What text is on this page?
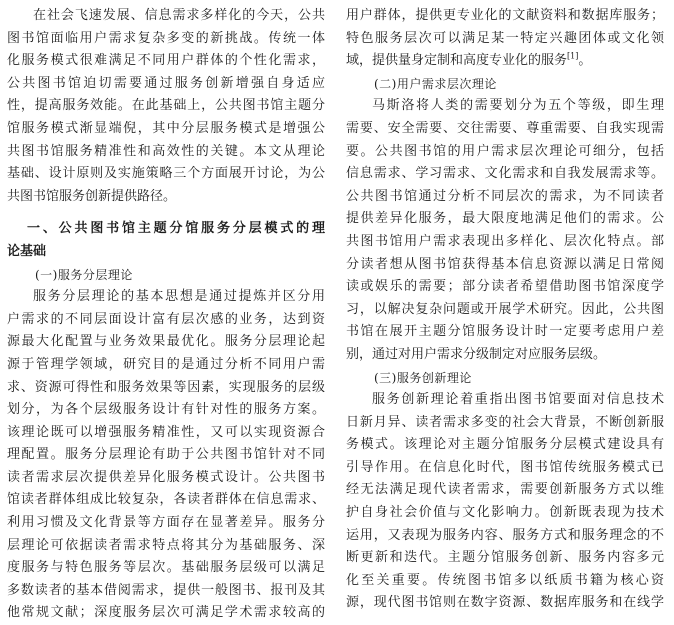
在社会飞速发展、信息需求多样化的今天，公共
图书馆面临用户需求复杂多变的新挑战。传统一体
化服务模式很难满足不同用户群体的个性化需求，
公共图书馆迫切需要通过服务创新增强自身适应
性，提高服务效能。在此基础上，公共图书馆主题分
馆服务模式渐显端倪，其中分层服务模式是增强公
共图书馆服务精准性和高效性的关键。本文从理论
基础、设计原则及实施策略三个方面展开讨论，为公
共图书馆服务创新提供路径。
一、公共图书馆主题分馆服务分层模式的理
论基础
(一)服务分层理论
服务分层理论的基本思想是通过提炼并区分用
户需求的不同层面设计富有层次感的业务，达到资
源最大化配置与业务效果最优化。服务分层理论起
源于管理学领域，研究目的是通过分析不同用户需
求、资源可得性和服务效果等因素，实现服务的层级
划分，为各个层级服务设计有针对性的服务方案。
该理论既可以增强服务精准性，又可以实现资源合
理配置。服务分层理论有助于公共图书馆针对不同
读者需求层次提供差异化服务模式设计。公共图书
馆读者群体组成比较复杂，各读者群体在信息需求、
利用习惯及文化背景等方面存在显著差异。服务分
层理论可依据读者需求特点将其分为基础服务、深
度服务与特色服务等层次。基础服务层级可以满足
多数读者的基本借阅需求，提供一般图书、报刊及其
他常规文献；深度服务层次可满足学术需求较高的
用户群体，提供更专业化的文献资料和数据库服务；
特色服务层次可以满足某一特定兴趣团体或文化领
域，提供量身定制和高度专业化的服务[1]。
(二)用户需求层次理论
马斯洛将人类的需要划分为五个等级，即生理
需要、安全需要、交往需要、尊重需要、自我实现需
要。公共图书馆的用户需求层次理论可细分，包括
信息需求、学习需求、文化需求和自我发展需求等。
公共图书馆通过分析不同层次的需求，为不同读者
提供差异化服务，最大限度地满足他们的需求。公
共图书馆用户需求表现出多样化、层次化特点。部
分读者想从图书馆获得基本信息资源以满足日常阅
读或娱乐的需要；部分读者希望借助图书馆深度学
习，以解决复杂问题或开展学术研究。因此，公共图
书馆在展开主题分馆服务设计时一定要考虑用户差
别，通过对用户需求分级制定对应服务层级。
(三)服务创新理论
服务创新理论着重指出图书馆要面对信息技术
日新月异、读者需求多变的社会大背景，不断创新服
务模式。该理论对主题分馆服务分层模式建设具有
引导作用。在信息化时代，图书馆传统服务模式已
经无法满足现代读者需求，需要创新服务方式以维
护自身社会价值与文化影响力。创新既表现为技术
运用，又表现为服务内容、服务方式和服务理念的不
断更新和迭代。主题分馆服务创新、服务内容多元
化至关重要。传统图书馆多以纸质书籍为核心资
源，现代图书馆则在数字资源、数据库服务和在线学
